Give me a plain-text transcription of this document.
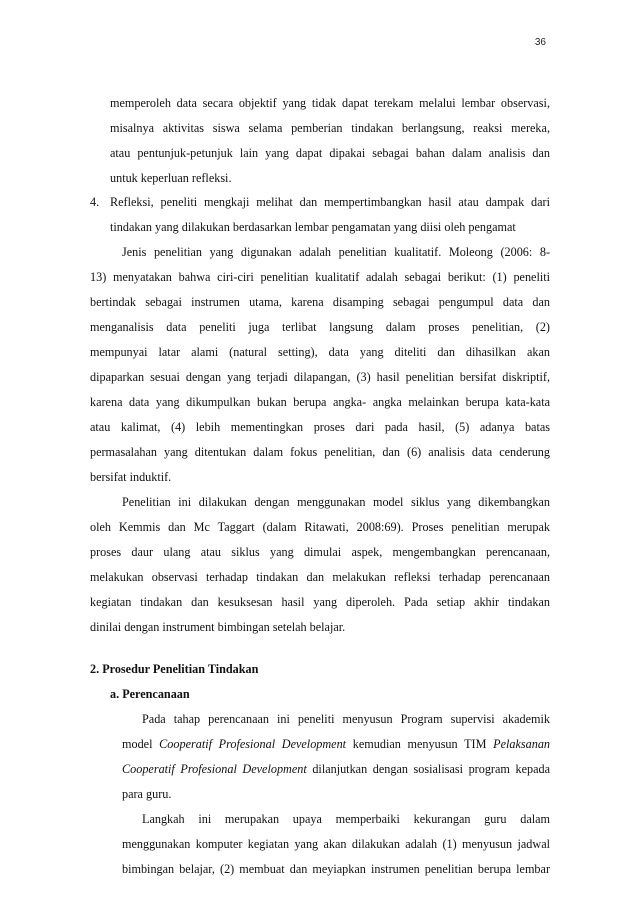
36
memperoleh data secara objektif yang tidak dapat terekam melalui lembar observasi,
misalnya aktivitas siswa selama pemberian tindakan berlangsung, reaksi mereka,
atau pentunjuk-petunjuk lain yang dapat dipakai sebagai bahan dalam analisis dan
untuk keperluan refleksi.
4. Refleksi, peneliti mengkaji melihat dan mempertimbangkan hasil atau dampak dari
tindakan yang dilakukan berdasarkan lembar pengamatan yang diisi oleh pengamat
Jenis penelitian yang digunakan adalah penelitian kualitatif. Moleong (2006: 8-
13) menyatakan bahwa ciri-ciri penelitian kualitatif adalah sebagai berikut: (1) peneliti
bertindak sebagai instrumen utama, karena disamping sebagai pengumpul data dan
menganalisis data peneliti juga terlibat langsung dalam proses penelitian, (2)
mempunyai latar alami (natural setting), data yang diteliti dan dihasilkan akan
dipaparkan sesuai dengan yang terjadi dilapangan, (3) hasil penelitian bersifat diskriptif,
karena data yang dikumpulkan bukan berupa angka- angka melainkan berupa kata-kata
atau kalimat, (4) lebih mementingkan proses dari pada hasil, (5) adanya batas
permasalahan yang ditentukan dalam fokus penelitian, dan (6) analisis data cenderung
bersifat induktif.
Penelitian ini dilakukan dengan menggunakan model siklus yang dikembangkan
oleh Kemmis dan Mc Taggart (dalam Ritawati, 2008:69). Proses penelitian merupak
proses daur ulang atau siklus yang dimulai aspek, mengembangkan perencanaan,
melakukan observasi terhadap tindakan dan melakukan refleksi terhadap perencanaan
kegiatan tindakan dan kesuksesan hasil yang diperoleh. Pada setiap akhir tindakan
dinilai dengan instrument bimbingan setelah belajar.
2. Prosedur Penelitian Tindakan
a. Perencanaan
Pada tahap perencanaan ini peneliti menyusun Program supervisi akademik
model Cooperatif Profesional Development kemudian menyusun TIM Pelaksanan
Cooperatif Profesional Development dilanjutkan dengan sosialisasi program kepada
para guru.
Langkah ini merupakan upaya memperbaiki kekurangan guru dalam
menggunakan komputer kegiatan yang akan dilakukan adalah (1) menyusun jadwal
bimbingan belajar, (2) membuat dan meyiapkan instrumen penelitian berupa lembar
